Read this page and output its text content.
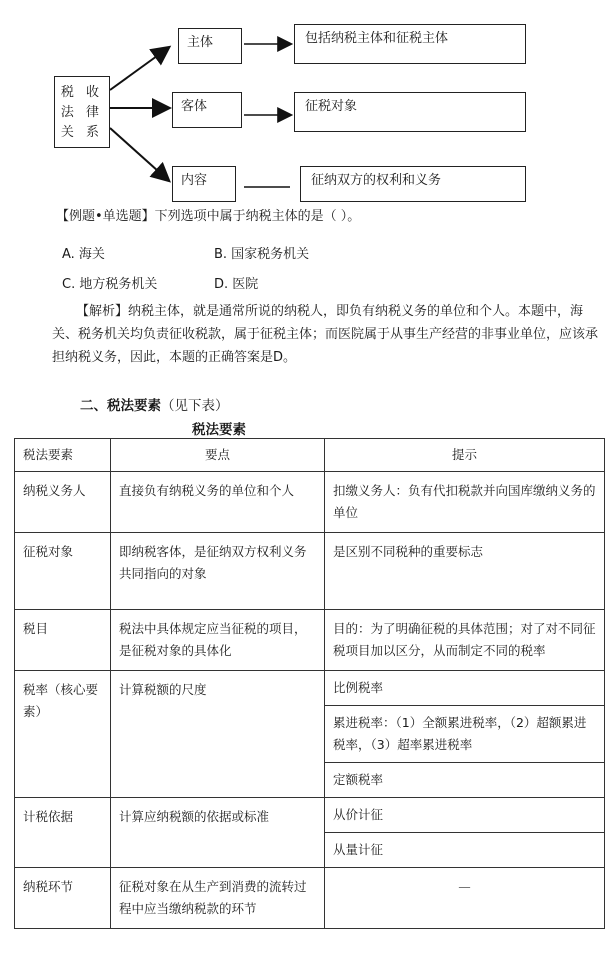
税 收
法 律
关 系
主体	包括纳税主体和征税主体
客体	征税对象
内容	征纳双方的权利和义务
【例题•单选题】下列选项中属于纳税主体的是（ ）。
A. 海关	B. 国家税务机关
C. 地方税务机关	D. 医院

【解析】纳税主体，就是通常所说的纳税人，即负有纳税义务的单位和个人。本题中，海关、税务机关均负责征收税款，属于征税主体；而医院属于从事生产经营的非事业单位，应该承担纳税义务，因此，本题的正确答案是D。

二、税法要素（见下表）
税法要素
税法要素	要点	提示
纳税义务人	直接负有纳税义务的单位和个人	扣缴义务人：负有代扣税款并向国库缴纳义务的单位
征税对象	即纳税客体，是征纳双方权利义务共同指向的对象	是区别不同税种的重要标志
税目	税法中具体规定应当征税的项目，是征税对象的具体化	目的：为了明确征税的具体范围；对了对不同征税项目加以区分，从而制定不同的税率
税率（核心要素）	计算税额的尺度	比例税率
		累进税率：（1）全额累进税率，（2）超额累进税率，（3）超率累进税率
		定额税率
计税依据	计算应纳税额的依据或标准	从价计征
		从量计征
纳税环节	征税对象在从生产到消费的流转过程中应当缴纳税款的环节	—
